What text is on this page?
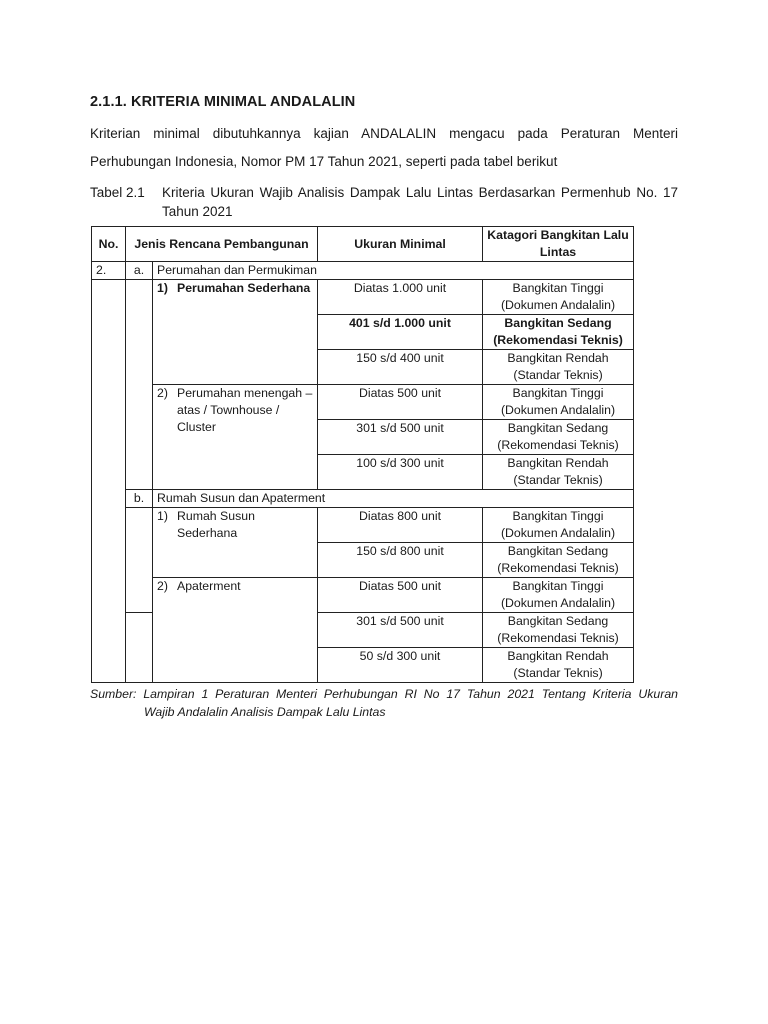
2.1.1. KRITERIA MINIMAL ANDALALIN
Kriterian minimal dibutuhkannya kajian ANDALALIN mengacu pada Peraturan Menteri
Perhubungan Indonesia, Nomor PM 17 Tahun 2021, seperti pada tabel berikut
Tabel 2.1	Kriteria Ukuran Wajib Analisis Dampak Lalu Lintas Berdasarkan Permenhub No. 17 Tahun 2021
No.	Jenis Rencana Pembangunan		Ukuran Minimal	Katagori Bangkitan Lalu Lintas
2.	a.	Perumahan dan Permukiman		

		1) Perumahan Sederhana	Diatas 1.000 unit	Bangkitan Tinggi
(Dokumen Andalalin)
			401 s/d 1.000 unit	Bangkitan Sedang
(Rekomendasi Teknis)
			150 s/d 400 unit	Bangkitan Rendah
(Standar Teknis)

		2) Perumahan menengah – atas / Townhouse / Cluster	Diatas 500 unit	Bangkitan Tinggi
(Dokumen Andalalin)
			301 s/d 500 unit	Bangkitan Sedang
(Rekomendasi Teknis)
			100 s/d 300 unit	Bangkitan Rendah
(Standar Teknis)
	b.	Rumah Susun dan Apaterment		

		1) Rumah Susun Sederhana	Diatas 800 unit	Bangkitan Tinggi
(Dokumen Andalalin)
			150 s/d 800 unit	Bangkitan Sedang
(Rekomendasi Teknis)

		2) Apaterment	Diatas 500 unit	Bangkitan Tinggi
(Dokumen Andalalin)
			301 s/d 500 unit	Bangkitan Sedang
(Rekomendasi Teknis)
			50 s/d 300 unit	Bangkitan Rendah
(Standar Teknis)
Sumber: Lampiran 1 Peraturan Menteri Perhubungan RI No 17 Tahun 2021 Tentang Kriteria Ukuran
Wajib Andalalin Analisis Dampak Lalu Lintas
